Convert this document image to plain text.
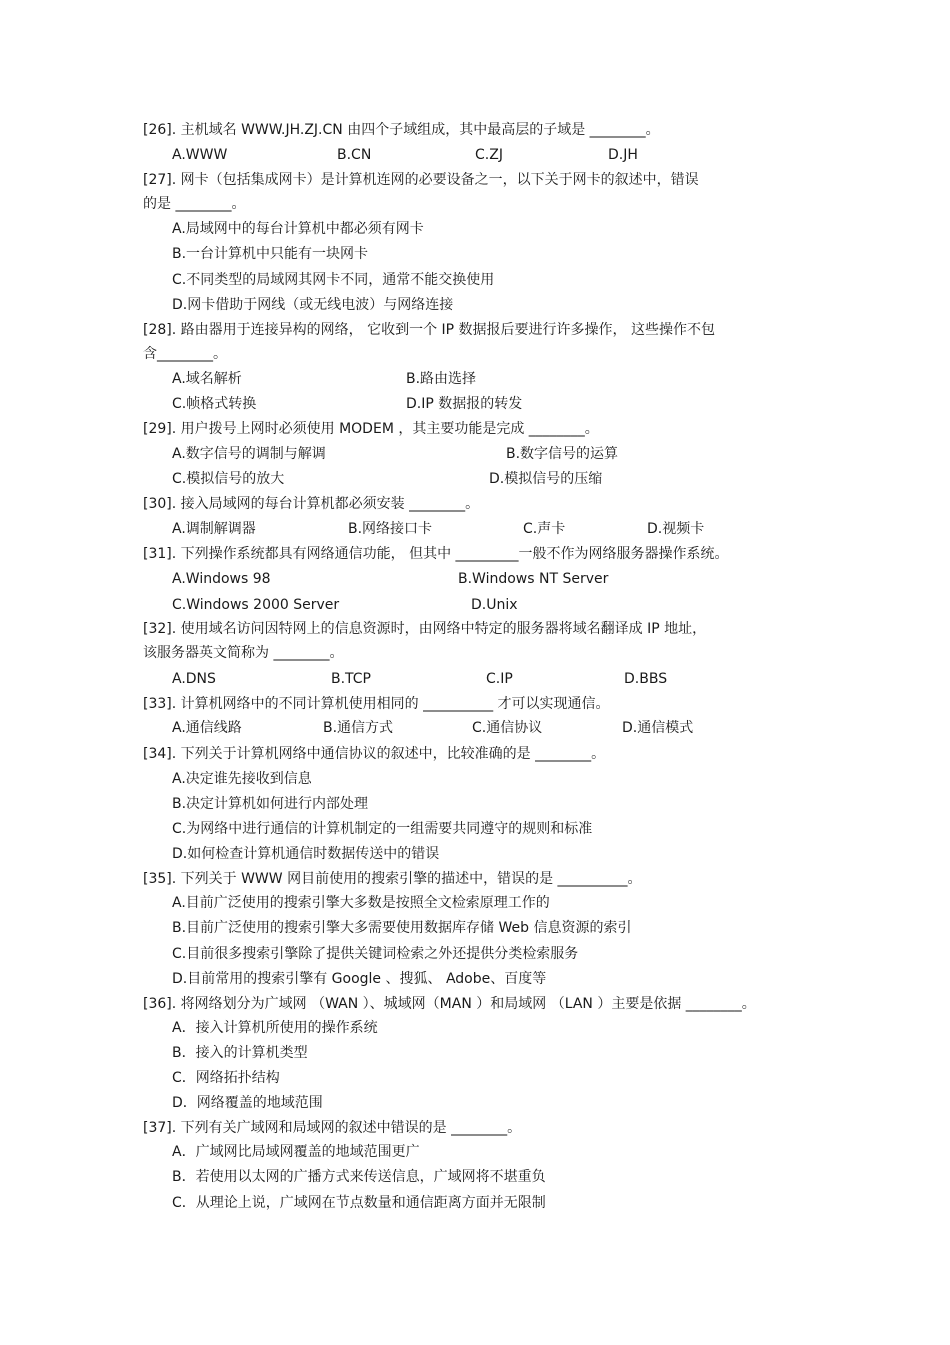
[26]. 主机域名 WWW.JH.ZJ.CN 由四个子域组成，其中最高层的子域是 ________。
A.WWW	B.CN	C.ZJ	D.JH
[27]. 网卡（包括集成网卡）是计算机连网的必要设备之一，以下关于网卡的叙述中，错误
的是 ________。
A.局域网中的每台计算机中都必须有网卡
B.一台计算机中只能有一块网卡
C.不同类型的局域网其网卡不同，通常不能交换使用
D.网卡借助于网线（或无线电波）与网络连接
[28]. 路由器用于连接异构的网络， 它收到一个 IP 数据报后要进行许多操作， 这些操作不包
含________。
A.域名解析	B.路由选择
C.帧格式转换	D.IP 数据报的转发
[29]. 用户拨号上网时必须使用 MODEM ，其主要功能是完成 ________。
A.数字信号的调制与解调	B.数字信号的运算
C.模拟信号的放大	D.模拟信号的压缩
[30]. 接入局域网的每台计算机都必须安装 ________。
A.调制解调器	B.网络接口卡	C.声卡	D.视频卡
[31]. 下列操作系统都具有网络通信功能， 但其中 _________一般不作为网络服务器操作系统。
A.Windows 98	B.Windows NT Server
C.Windows 2000 Server	D.Unix
[32]. 使用域名访问因特网上的信息资源时，由网络中特定的服务器将域名翻译成 IP 地址，
该服务器英文简称为 ________。
A.DNS	B.TCP	C.IP	D.BBS
[33]. 计算机网络中的不同计算机使用相同的 __________ 才可以实现通信。
A.通信线路	B.通信方式	C.通信协议	D.通信模式
[34]. 下列关于计算机网络中通信协议的叙述中，比较准确的是 ________。
A.决定谁先接收到信息
B.决定计算机如何进行内部处理
C.为网络中进行通信的计算机制定的一组需要共同遵守的规则和标准
D.如何检查计算机通信时数据传送中的错误
[35]. 下列关于 WWW 网目前使用的搜索引擎的描述中，错误的是 __________。
A.目前广泛使用的搜索引擎大多数是按照全文检索原理工作的
B.目前广泛使用的搜索引擎大多需要使用数据库存储 Web 信息资源的索引
C.目前很多搜索引擎除了提供关键词检索之外还提供分类检索服务
D.目前常用的搜索引擎有 Google 、搜狐、 Adobe、百度等
[36]. 将网络划分为广域网 （WAN ）、城域网（MAN ）和局域网 （LAN ）主要是依据 ________。
A．接入计算机所使用的操作系统
B．接入的计算机类型
C．网络拓扑结构
D．网络覆盖的地域范围
[37]. 下列有关广域网和局域网的叙述中错误的是 ________。
A．广域网比局域网覆盖的地域范围更广
B．若使用以太网的广播方式来传送信息，广域网将不堪重负
C．从理论上说，广域网在节点数量和通信距离方面并无限制
